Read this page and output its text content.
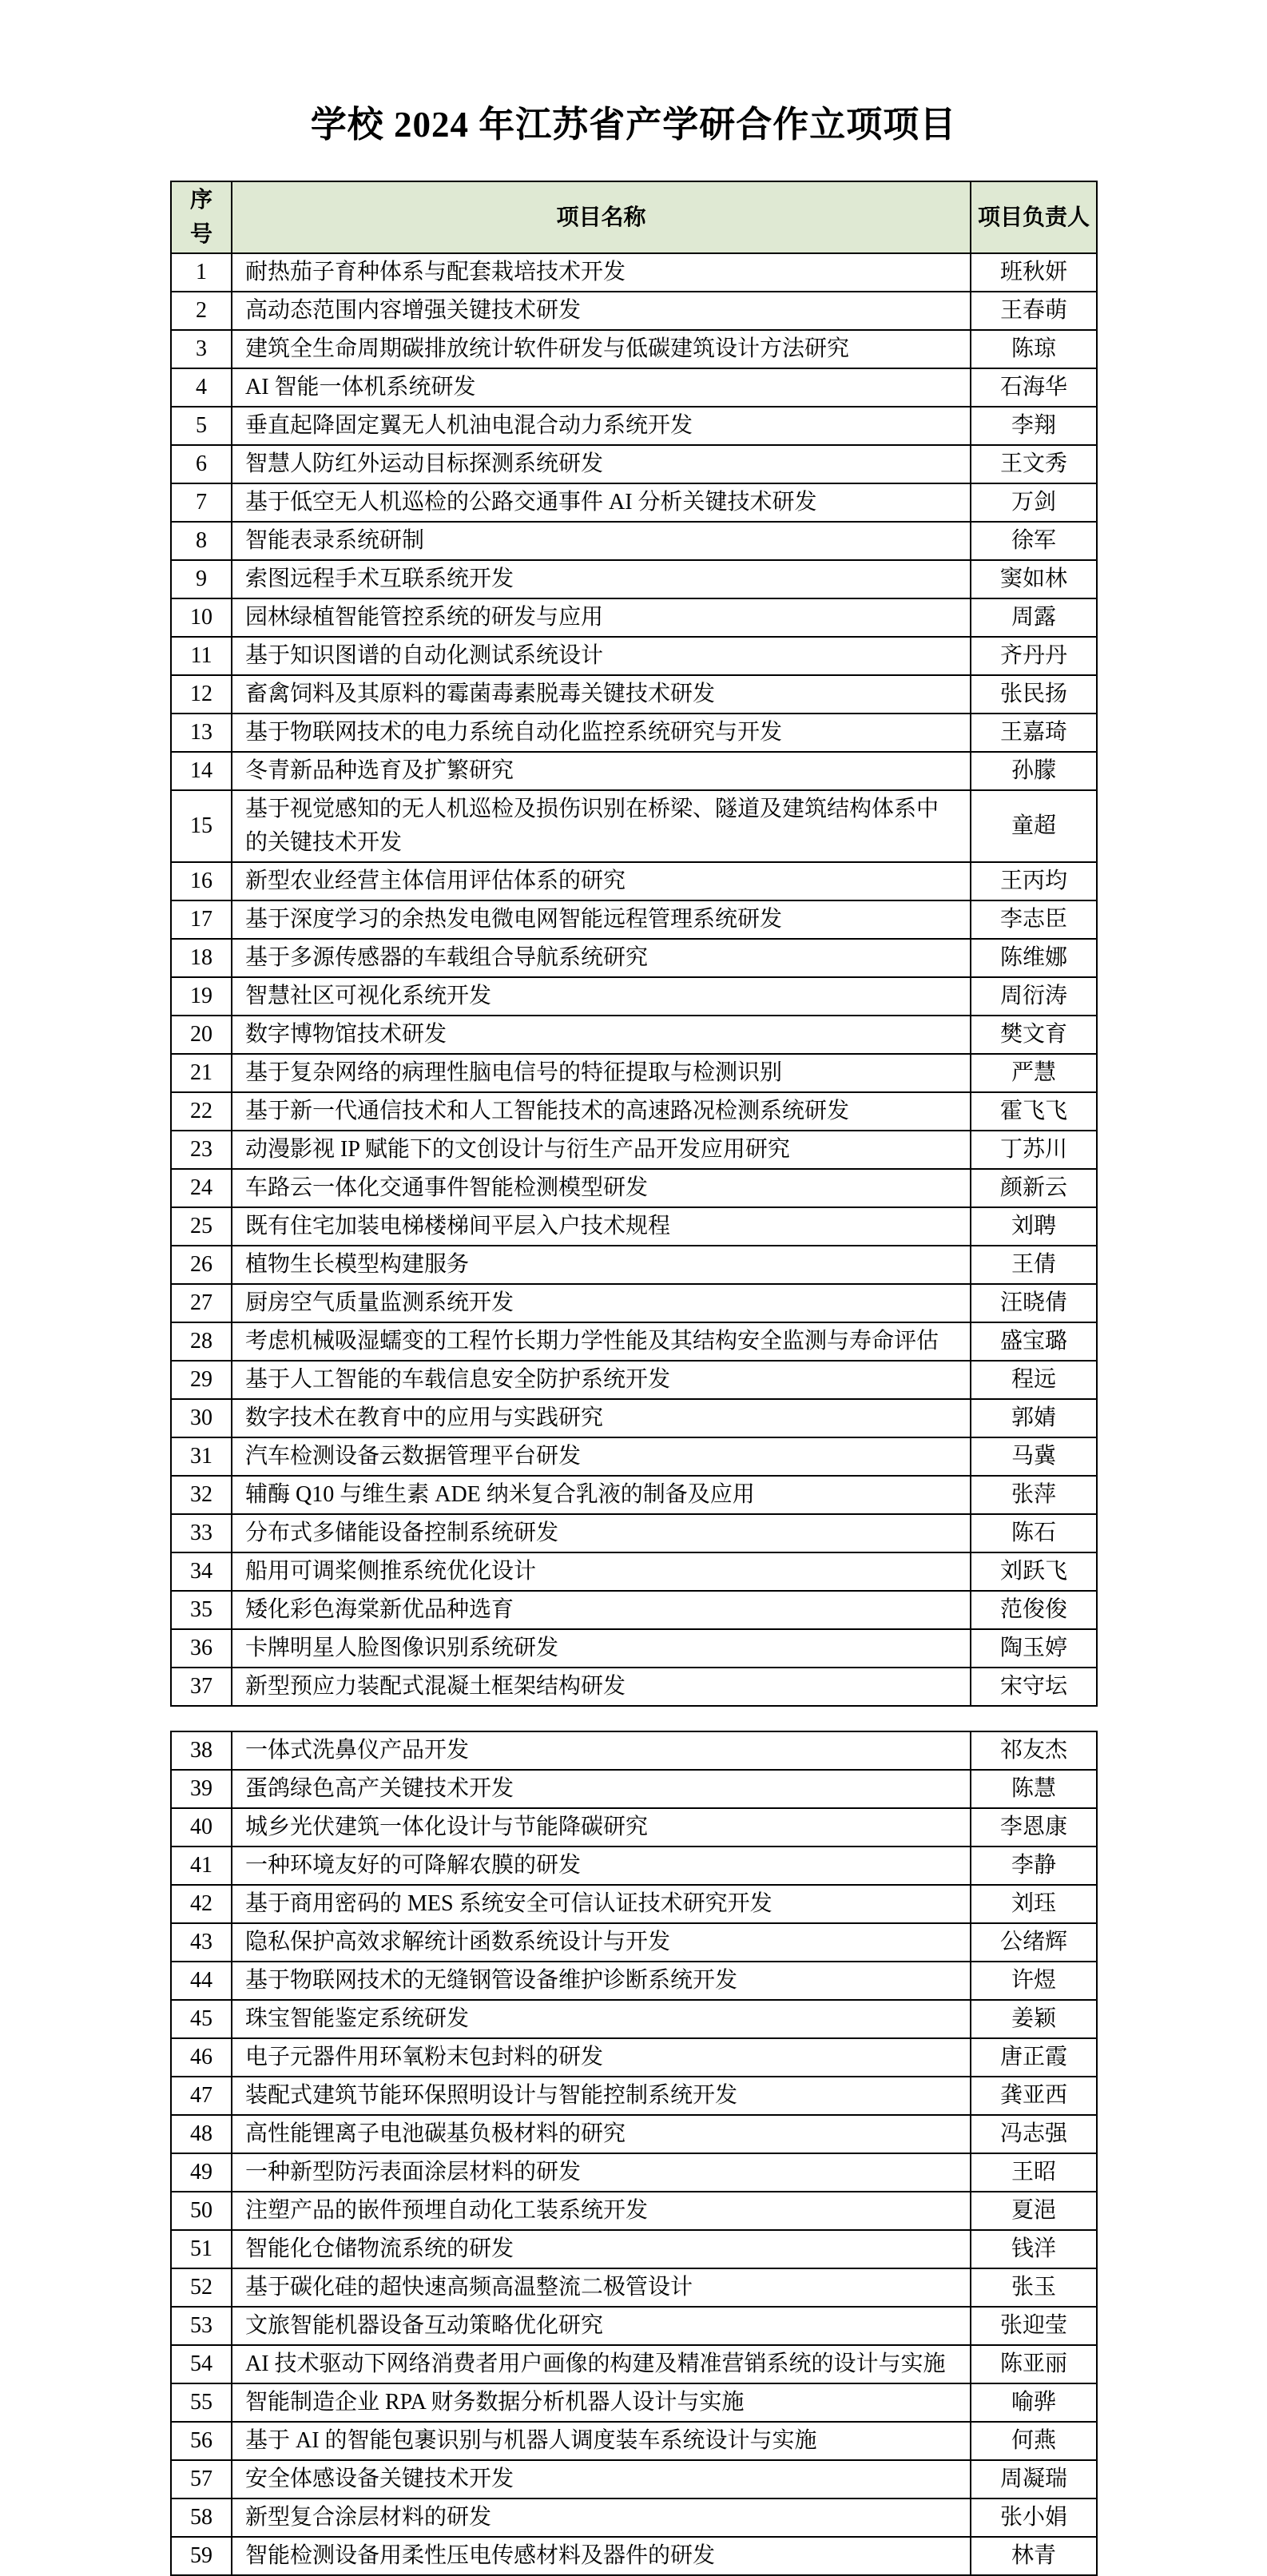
学校 2024 年江苏省产学研合作立项项目
序号	项目名称	项目负责人
1	耐热茄子育种体系与配套栽培技术开发	班秋妍
2	高动态范围内容增强关键技术研发	王春萌
3	建筑全生命周期碳排放统计软件研发与低碳建筑设计方法研究	陈琼
4	AI 智能一体机系统研发	石海华
5	垂直起降固定翼无人机油电混合动力系统开发	李翔
6	智慧人防红外运动目标探测系统研发	王文秀
7	基于低空无人机巡检的公路交通事件 AI 分析关键技术研发	万剑
8	智能表录系统研制	徐军
9	索图远程手术互联系统开发	窦如林
10	园林绿植智能管控系统的研发与应用	周露
11	基于知识图谱的自动化测试系统设计	齐丹丹
12	畜禽饲料及其原料的霉菌毒素脱毒关键技术研发	张民扬
13	基于物联网技术的电力系统自动化监控系统研究与开发	王嘉琦
14	冬青新品种选育及扩繁研究	孙朦
15	基于视觉感知的无人机巡检及损伤识别在桥梁、隧道及建筑结构体系中的关键技术开发	童超
16	新型农业经营主体信用评估体系的研究	王丙均
17	基于深度学习的余热发电微电网智能远程管理系统研发	李志臣
18	基于多源传感器的车载组合导航系统研究	陈维娜
19	智慧社区可视化系统开发	周衍涛
20	数字博物馆技术研发	樊文育
21	基于复杂网络的病理性脑电信号的特征提取与检测识别	严慧
22	基于新一代通信技术和人工智能技术的高速路况检测系统研发	霍飞飞
23	动漫影视 IP 赋能下的文创设计与衍生产品开发应用研究	丁苏川
24	车路云一体化交通事件智能检测模型研发	颜新云
25	既有住宅加装电梯楼梯间平层入户技术规程	刘聘
26	植物生长模型构建服务	王倩
27	厨房空气质量监测系统开发	汪晓倩
28	考虑机械吸湿蠕变的工程竹长期力学性能及其结构安全监测与寿命评估	盛宝璐
29	基于人工智能的车载信息安全防护系统开发	程远
30	数字技术在教育中的应用与实践研究	郭婧
31	汽车检测设备云数据管理平台研发	马冀
32	辅酶 Q10 与维生素 ADE 纳米复合乳液的制备及应用	张萍
33	分布式多储能设备控制系统研发	陈石
34	船用可调桨侧推系统优化设计	刘跃飞
35	矮化彩色海棠新优品种选育	范俊俊
36	卡牌明星人脸图像识别系统研发	陶玉婷
37	新型预应力装配式混凝土框架结构研发	宋守坛
38	一体式洗鼻仪产品开发	祁友杰
39	蛋鸽绿色高产关键技术开发	陈慧
40	城乡光伏建筑一体化设计与节能降碳研究	李恩康
41	一种环境友好的可降解农膜的研发	李静
42	基于商用密码的 MES 系统安全可信认证技术研究开发	刘珏
43	隐私保护高效求解统计函数系统设计与开发	公绪辉
44	基于物联网技术的无缝钢管设备维护诊断系统开发	许煜
45	珠宝智能鉴定系统研发	姜颖
46	电子元器件用环氧粉末包封料的研发	唐正霞
47	装配式建筑节能环保照明设计与智能控制系统开发	龚亚西
48	高性能锂离子电池碳基负极材料的研究	冯志强
49	一种新型防污表面涂层材料的研发	王昭
50	注塑产品的嵌件预埋自动化工装系统开发	夏浥
51	智能化仓储物流系统的研发	钱洋
52	基于碳化硅的超快速高频高温整流二极管设计	张玉
53	文旅智能机器设备互动策略优化研究	张迎莹
54	AI 技术驱动下网络消费者用户画像的构建及精准营销系统的设计与实施	陈亚丽
55	智能制造企业 RPA 财务数据分析机器人设计与实施	喻骅
56	基于 AI 的智能包裹识别与机器人调度装车系统设计与实施	何燕
57	安全体感设备关键技术开发	周凝瑞
58	新型复合涂层材料的研发	张小娟
59	智能检测设备用柔性压电传感材料及器件的研发	林青
